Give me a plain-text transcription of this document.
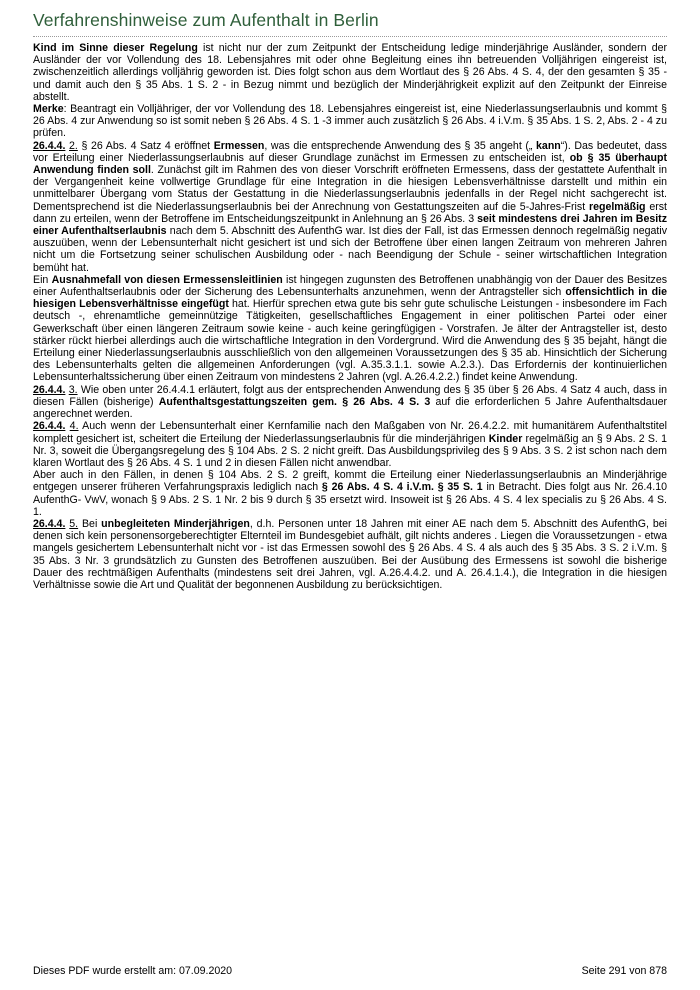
Verfahrenshinweise zum Aufenthalt in Berlin

Kind im Sinne dieser Regelung ist nicht nur der zum Zeitpunkt der Entscheidung ledige minderjährige Ausländer, sondern der Ausländer der vor Vollendung des 18. Lebensjahres mit oder ohne Begleitung eines ihn betreuenden Volljährigen eingereist ist, zwischenzeitlich allerdings volljährig geworden ist. Dies folgt schon aus dem Wortlaut des § 26 Abs. 4 S. 4, der den gesamten § 35 - und damit auch den § 35 Abs. 1 S. 2 - in Bezug nimmt und bezüglich der Minderjährigkeit explizit auf den Zeitpunkt der Einreise abstellt.

Merke: Beantragt ein Volljähriger, der vor Vollendung des 18. Lebensjahres eingereist ist, eine Niederlassungserlaubnis und kommt § 26 Abs. 4 zur Anwendung so ist somit neben § 26 Abs. 4 S. 1 -3 immer auch zusätzlich § 26 Abs. 4 i.V.m. § 35 Abs. 1 S. 2, Abs. 2 - 4 zu prüfen.

26.4.4. 2. § 26 Abs. 4 Satz 4 eröffnet Ermessen, was die entsprechende Anwendung des § 35 angeht („ kann“). Das bedeutet, dass vor Erteilung einer Niederlassungserlaubnis auf dieser Grundlage zunächst im Ermessen zu entscheiden ist, ob § 35 überhaupt Anwendung finden soll. Zunächst gilt im Rahmen des von dieser Vorschrift eröffneten Ermessens, dass der gestattete Aufenthalt in der Vergangenheit keine vollwertige Grundlage für eine Integration in die hiesigen Lebensverhältnisse darstellt und mithin ein unmittelbarer Übergang vom Status der Gestattung in die Niederlassungserlaubnis jedenfalls in der Regel nicht sachgerecht ist. Dementsprechend ist die Niederlassungserlaubnis bei der Anrechnung von Gestattungszeiten auf die 5-Jahres-Frist regelmäßig erst dann zu erteilen, wenn der Betroffene im Entscheidungszeitpunkt in Anlehnung an § 26 Abs. 3 seit mindestens drei Jahren im Besitz einer Aufenthaltserlaubnis nach dem 5. Abschnitt des AufenthG war. Ist dies der Fall, ist das Ermessen dennoch regelmäßig negativ auszuüben, wenn der Lebensunterhalt nicht gesichert ist und sich der Betroffene über einen langen Zeitraum von mehreren Jahren nicht um die Fortsetzung seiner schulischen Ausbildung oder - nach Beendigung der Schule - seiner wirtschaftlichen Integration bemüht hat.

Ein Ausnahmefall von diesen Ermessensleitlinien ist hingegen zugunsten des Betroffenen unabhängig von der Dauer des Besitzes einer Aufenthaltserlaubnis oder der Sicherung des Lebensunterhalts anzunehmen, wenn der Antragsteller sich offensichtlich in die hiesigen Lebensverhältnisse eingefügt hat. Hierfür sprechen etwa gute bis sehr gute schulische Leistungen - insbesondere im Fach deutsch -, ehrenamtliche gemeinnützige Tätigkeiten, gesellschaftliches Engagement in einer politischen Partei oder einer Gewerkschaft über einen längeren Zeitraum sowie keine - auch keine geringfügigen - Vorstrafen. Je älter der Antragsteller ist, desto stärker rückt hierbei allerdings auch die wirtschaftliche Integration in den Vordergrund. Wird die Anwendung des § 35 bejaht, hängt die Erteilung einer Niederlassungserlaubnis ausschließlich von den allgemeinen Voraussetzungen des § 35 ab. Hinsichtlich der Sicherung des Lebensunterhalts gelten die allgemeinen Anforderungen (vgl. A.35.3.1.1. sowie A.2.3.). Das Erfordernis der kontinuierlichen Lebensunterhaltssicherung über einen Zeitraum von mindestens 2 Jahren (vgl. A.26.4.2.2.) findet keine Anwendung.

26.4.4. 3. Wie oben unter 26.4.4.1 erläutert, folgt aus der entsprechenden Anwendung des § 35 über § 26 Abs. 4 Satz 4 auch, dass in diesen Fällen (bisherige) Aufenthaltsgestattungszeiten gem. § 26 Abs. 4 S. 3 auf die erforderlichen 5 Jahre Aufenthaltsdauer angerechnet werden.

26.4.4. 4. Auch wenn der Lebensunterhalt einer Kernfamilie nach den Maßgaben von Nr. 26.4.2.2. mit humanitärem Aufenthaltstitel komplett gesichert ist, scheitert die Erteilung der Niederlassungserlaubnis für die minderjährigen Kinder regelmäßig an § 9 Abs. 2 S. 1 Nr. 3, soweit die Übergangsregelung des § 104 Abs. 2 S. 2 nicht greift. Das Ausbildungsprivileg des § 9 Abs. 3 S. 2 ist schon nach dem klaren Wortlaut des § 26 Abs. 4 S. 1 und 2 in diesen Fällen nicht anwendbar.

Aber auch in den Fällen, in denen § 104 Abs. 2 S. 2 greift, kommt die Erteilung einer Niederlassungserlaubnis an Minderjährige entgegen unserer früheren Verfahrungspraxis lediglich nach § 26 Abs. 4 S. 4 i.V.m. § 35 S. 1 in Betracht. Dies folgt aus Nr. 26.4.10 AufenthG- VwV, wonach § 9 Abs. 2 S. 1 Nr. 2 bis 9 durch § 35 ersetzt wird. Insoweit ist § 26 Abs. 4 S. 4 lex specialis zu § 26 Abs. 4 S. 1.

26.4.4. 5. Bei unbegleiteten Minderjährigen, d.h. Personen unter 18 Jahren mit einer AE nach dem 5. Abschnitt des AufenthG, bei denen sich kein personensorgeberechtigter Elternteil im Bundesgebiet aufhält, gilt nichts anderes . Liegen die Voraussetzungen - etwa mangels gesichertem Lebensunterhalt nicht vor - ist das Ermessen sowohl des § 26 Abs. 4 S. 4 als auch des § 35 Abs. 3 S. 2 i.V.m. § 35 Abs. 3 Nr. 3 grundsätzlich zu Gunsten des Betroffenen auszuüben. Bei der Ausübung des Ermessens ist sowohl die bisherige Dauer des rechtmäßigen Aufenthalts (mindestens seit drei Jahren, vgl. A.26.4.4.2. und A. 26.4.1.4.), die Integration in die hiesigen Verhältnisse sowie die Art und Qualität der begonnenen Ausbildung zu berücksichtigen.

Dieses PDF wurde erstellt am: 07.09.2020	Seite 291 von 878
